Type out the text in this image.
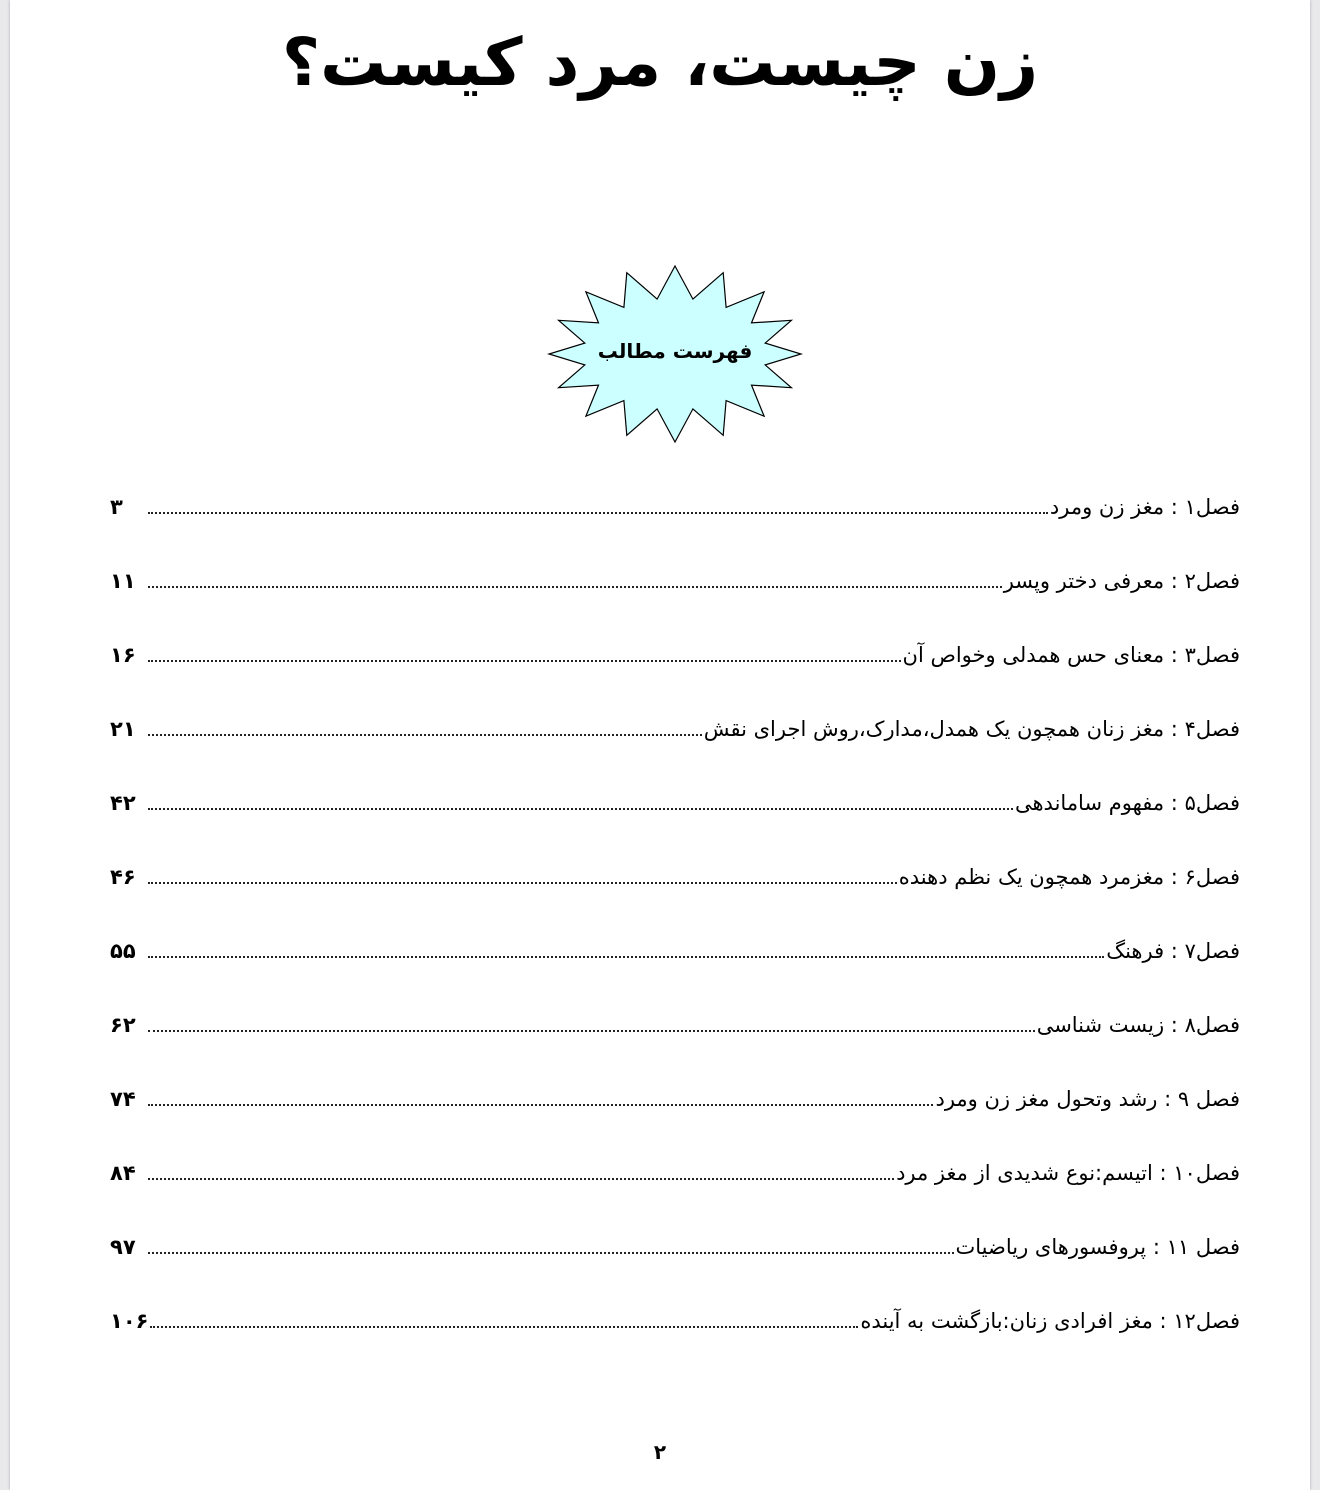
زن چیست، مرد کیست؟
فهرست مطالب
فصل۱ : مغز زن ومرد
۳
فصل۲ : معرفی دختر وپسر
۱۱
فصل۳ : معنای حس همدلی وخواص آن
۱۶
فصل۴ : مغز زنان همچون یک همدل،مدارک،روش اجرای نقش
۲۱
فصل۵ : مفهوم ساماندهی
۴۲
فصل۶ : مغزمرد همچون یک نظم دهنده
۴۶
فصل۷ : فرهنگ
۵۵
فصل۸ : زیست شناسی
۶۲
فصل ۹ : رشد وتحول مغز زن ومرد
۷۴
فصل۱۰ : اتیسم:نوع شدیدی از مغز مرد
۸۴
فصل ۱۱ : پروفسورهای ریاضیات
۹۷
فصل۱۲ : مغز افرادی زنان:بازگشت به آینده
۱۰۶
۲
